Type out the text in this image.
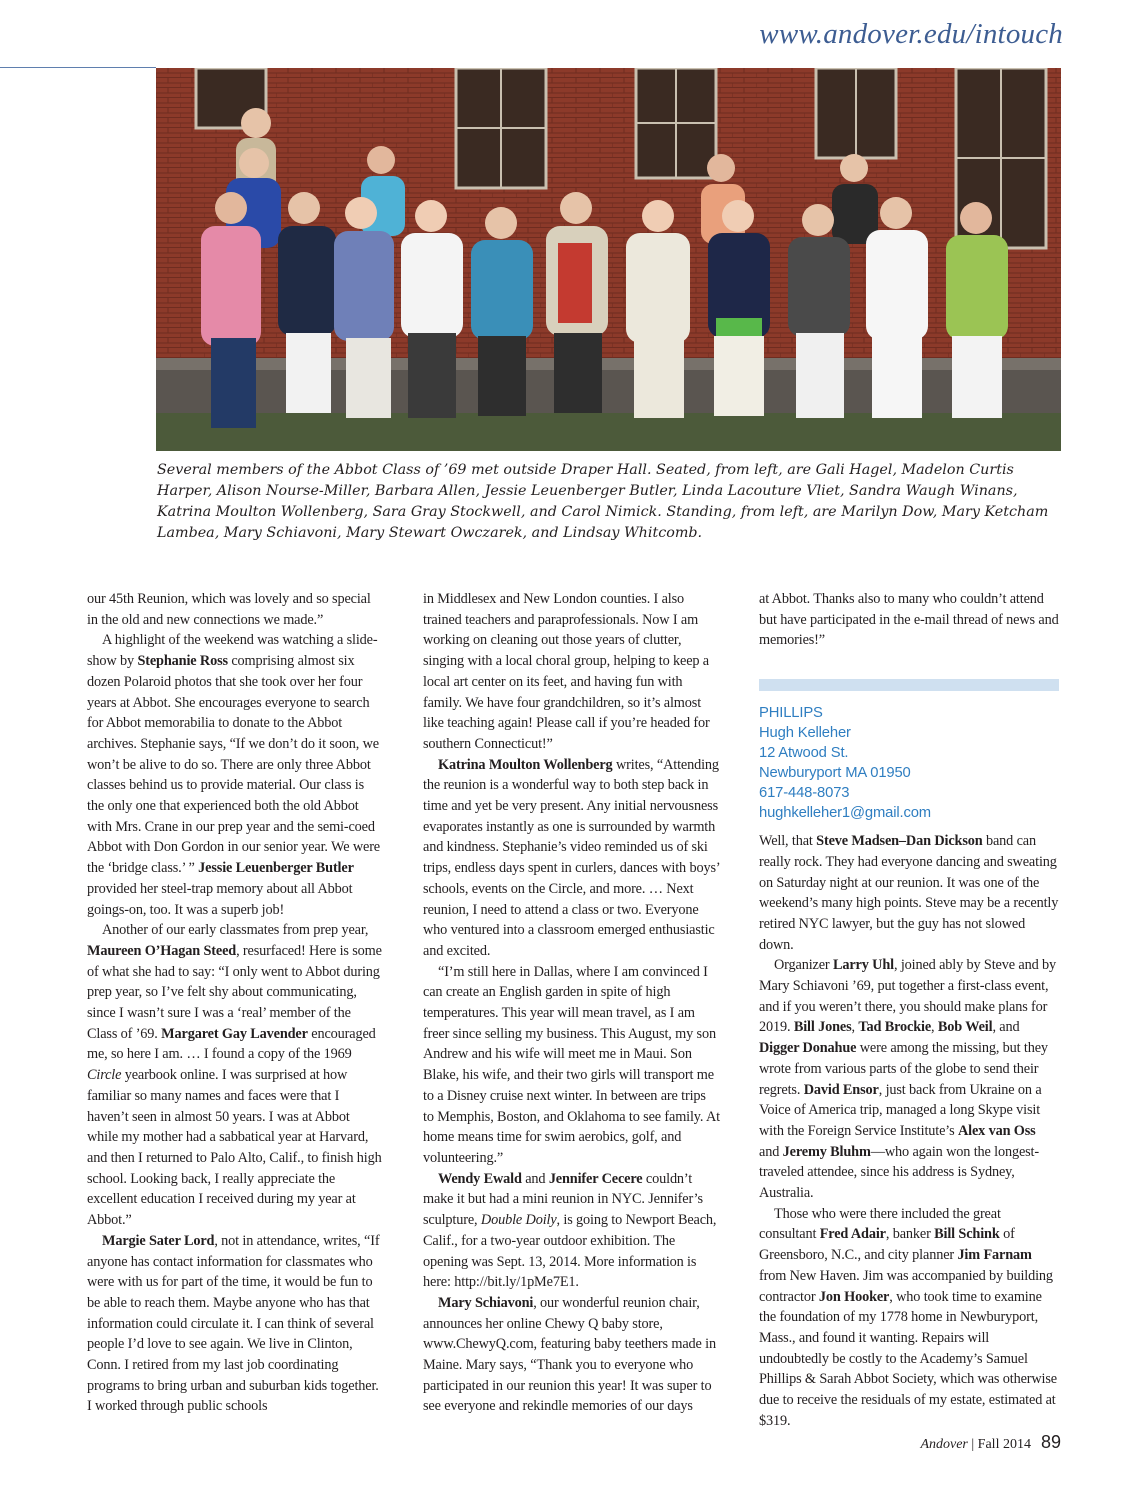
www.andover.edu/intouch
Several members of the Abbot Class of ’69 met outside Draper Hall. Seated, from left, are Gali Hagel, Madelon Curtis Harper, Alison Nourse-Miller, Barbara Allen, Jessie Leuenberger Butler, Linda Lacouture Vliet, Sandra Waugh Winans, Katrina Moulton Wollenberg, Sara Gray Stockwell, and Carol Nimick. Standing, from left, are Marilyn Dow, Mary Ketcham Lambea, Mary Schiavoni, Mary Stewart Owczarek, and Lindsay Whitcomb.

our 45th Reunion, which was lovely and so special in the old and new connections we made.”

A highlight of the weekend was watching a slide-show by Stephanie Ross comprising almost six dozen Polaroid photos that she took over her four years at Abbot. She encourages everyone to search for Abbot memorabilia to donate to the Abbot archives. Stephanie says, “If we don’t do it soon, we won’t be alive to do so. There are only three Abbot classes behind us to provide material. Our class is the only one that experienced both the old Abbot with Mrs. Crane in our prep year and the semi-coed Abbot with Don Gordon in our senior year. We were the ‘bridge class.’ ” Jessie Leuenberger Butler provided her steel-trap memory about all Abbot goings-on, too. It was a superb job!

Another of our early classmates from prep year, Maureen O’Hagan Steed, resurfaced! Here is some of what she had to say: “I only went to Abbot during prep year, so I’ve felt shy about communicating, since I wasn’t sure I was a ‘real’ member of the Class of ’69. Margaret Gay Lavender encouraged me, so here I am. … I found a copy of the 1969 Circle yearbook online. I was surprised at how familiar so many names and faces were that I haven’t seen in almost 50 years. I was at Abbot while my mother had a sabbatical year at Harvard, and then I returned to Palo Alto, Calif., to finish high school. Looking back, I really appreciate the excellent education I received during my year at Abbot.”

Margie Sater Lord, not in attendance, writes, “If anyone has contact information for classmates who were with us for part of the time, it would be fun to be able to reach them. Maybe anyone who has that information could circulate it. I can think of several people I’d love to see again. We live in Clinton, Conn. I retired from my last job coordinating programs to bring urban and suburban kids together. I worked through public schools

in Middlesex and New London counties. I also trained teachers and paraprofessionals. Now I am working on cleaning out those years of clutter, singing with a local choral group, helping to keep a local art center on its feet, and having fun with family. We have four grandchildren, so it’s almost like teaching again! Please call if you’re headed for southern Connecticut!”

Katrina Moulton Wollenberg writes, “Attending the reunion is a wonderful way to both step back in time and yet be very present. Any initial nervousness evaporates instantly as one is surrounded by warmth and kindness. Stephanie’s video reminded us of ski trips, endless days spent in curlers, dances with boys’ schools, events on the Circle, and more. … Next reunion, I need to attend a class or two. Everyone who ventured into a classroom emerged enthusiastic and excited.

“I’m still here in Dallas, where I am convinced I can create an English garden in spite of high temperatures. This year will mean travel, as I am freer since selling my business. This August, my son Andrew and his wife will meet me in Maui. Son Blake, his wife, and their two girls will transport me to a Disney cruise next winter. In between are trips to Memphis, Boston, and Oklahoma to see family. At home means time for swim aerobics, golf, and volunteering.”

Wendy Ewald and Jennifer Cecere couldn’t make it but had a mini reunion in NYC. Jennifer’s sculpture, Double Doily, is going to Newport Beach, Calif., for a two-year outdoor exhibition. The opening was Sept. 13, 2014. More information is here: http://bit.ly/1pMe7E1.

Mary Schiavoni, our wonderful reunion chair, announces her online Chewy Q baby store, www.ChewyQ.com, featuring baby teethers made in Maine. Mary says, “Thank you to everyone who participated in our reunion this year! It was super to see everyone and rekindle memories of our days

at Abbot. Thanks also to many who couldn’t attend but have participated in the e-mail thread of news and memories!”

PHILLIPS
Hugh Kelleher
12 Atwood St.
Newburyport MA 01950
617-448-8073
hughkelleher1@gmail.com

Well, that Steve Madsen–Dan Dickson band can really rock. They had everyone dancing and sweating on Saturday night at our reunion. It was one of the weekend’s many high points. Steve may be a recently retired NYC lawyer, but the guy has not slowed down.

Organizer Larry Uhl, joined ably by Steve and by Mary Schiavoni ’69, put together a first-class event, and if you weren’t there, you should make plans for 2019. Bill Jones, Tad Brockie, Bob Weil, and Digger Donahue were among the missing, but they wrote from various parts of the globe to send their regrets. David Ensor, just back from Ukraine on a Voice of America trip, managed a long Skype visit with the Foreign Service Institute’s Alex van Oss and Jeremy Bluhm—who again won the longest-traveled attendee, since his address is Sydney, Australia.

Those who were there included the great consultant Fred Adair, banker Bill Schink of Greensboro, N.C., and city planner Jim Farnam from New Haven. Jim was accompanied by building contractor Jon Hooker, who took time to examine the foundation of my 1778 home in Newburyport, Mass., and found it wanting. Repairs will undoubtedly be costly to the Academy’s Samuel Phillips & Sarah Abbot Society, which was otherwise due to receive the residuals of my estate, estimated at $319.

Andover | Fall 2014 89
